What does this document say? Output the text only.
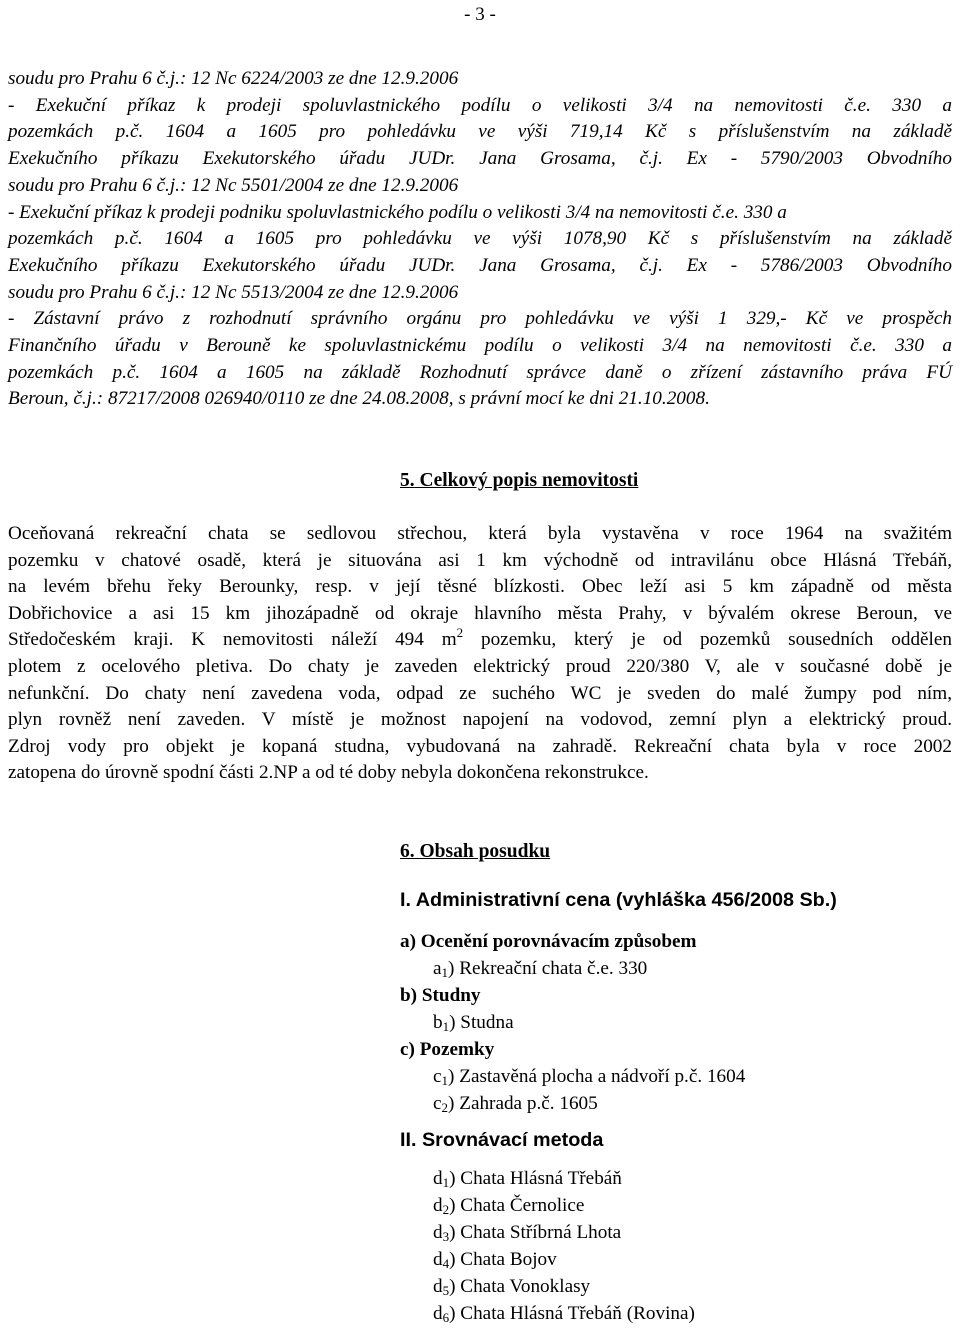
- 3 -
soudu pro Prahu 6 č.j.: 12 Nc 6224/2003 ze dne 12.9.2006
- Exekuční příkaz k prodeji spoluvlastnického podílu o velikosti 3/4 na nemovitosti č.e. 330 a
pozemkách p.č. 1604 a 1605 pro pohledávku ve výši 719,14 Kč s příslušenstvím na základě
Exekučního příkazu Exekutorského úřadu JUDr. Jana Grosama, č.j. Ex - 5790/2003 Obvodního
soudu pro Prahu 6 č.j.: 12 Nc 5501/2004 ze dne 12.9.2006
- Exekuční příkaz k prodeji podniku spoluvlastnického podílu o velikosti 3/4 na nemovitosti č.e. 330 a
pozemkách p.č. 1604 a 1605 pro pohledávku ve výši 1078,90 Kč s příslušenstvím na základě
Exekučního příkazu Exekutorského úřadu JUDr. Jana Grosama, č.j. Ex - 5786/2003 Obvodního
soudu pro Prahu 6 č.j.: 12 Nc 5513/2004 ze dne 12.9.2006
- Zástavní právo z rozhodnutí správního orgánu pro pohledávku ve výši 1 329,- Kč ve prospěch
Finančního úřadu v Berouně ke spoluvlastnickému podílu o velikosti 3/4 na nemovitosti č.e. 330 a
pozemkách p.č. 1604 a 1605 na základě Rozhodnutí správce daně o zřízení zástavního práva FÚ
Beroun, č.j.: 87217/2008 026940/0110 ze dne 24.08.2008, s právní mocí ke dni 21.10.2008.
5. Celkový popis nemovitosti
Oceňovaná rekreační chata se sedlovou střechou, která byla vystavěna v roce 1964 na svažitém
pozemku v chatové osadě, která je situována asi 1 km východně od intravilánu obce Hlásná Třebáň,
na levém břehu řeky Berounky, resp. v její těsné blízkosti. Obec leží asi 5 km západně od města
Dobřichovice a asi 15 km jihozápadně od okraje hlavního města Prahy, v bývalém okrese Beroun, ve
Středočeském kraji. K nemovitosti náleží 494 $m^2$ pozemku, který je od pozemků sousedních oddělen
plotem z ocelového pletiva. Do chaty je zaveden elektrický proud 220/380 V, ale v současné době je
nefunkční. Do chaty není zavedena voda, odpad ze suchého WC je sveden do malé žumpy pod ním,
plyn rovněž není zaveden. V místě je možnost napojení na vodovod, zemní plyn a elektrický proud.
Zdroj vody pro objekt je kopaná studna, vybudovaná na zahradě. Rekreační chata byla v roce 2002
zatopena do úrovně spodní části 2.NP a od té doby nebyla dokončena rekonstrukce.
6. Obsah posudku
I. Administrativní cena (vyhláška 456/2008 Sb.)
a) Ocenění porovnávacím způsobem
$a_1$) Rekreační chata č.e. 330
b) Studny
$b_1$) Studna
c) Pozemky
$c_1$) Zastavěná plocha a nádvoří p.č. 1604
$c_2$) Zahrada p.č. 1605
II. Srovnávací metoda
$d_1$) Chata Hlásná Třebáň
$d_2$) Chata Černolice
$d_3$) Chata Stříbrná Lhota
$d_4$) Chata Bojov
$d_5$) Chata Vonoklasy
$d_6$) Chata Hlásná Třebáň (Rovina)
